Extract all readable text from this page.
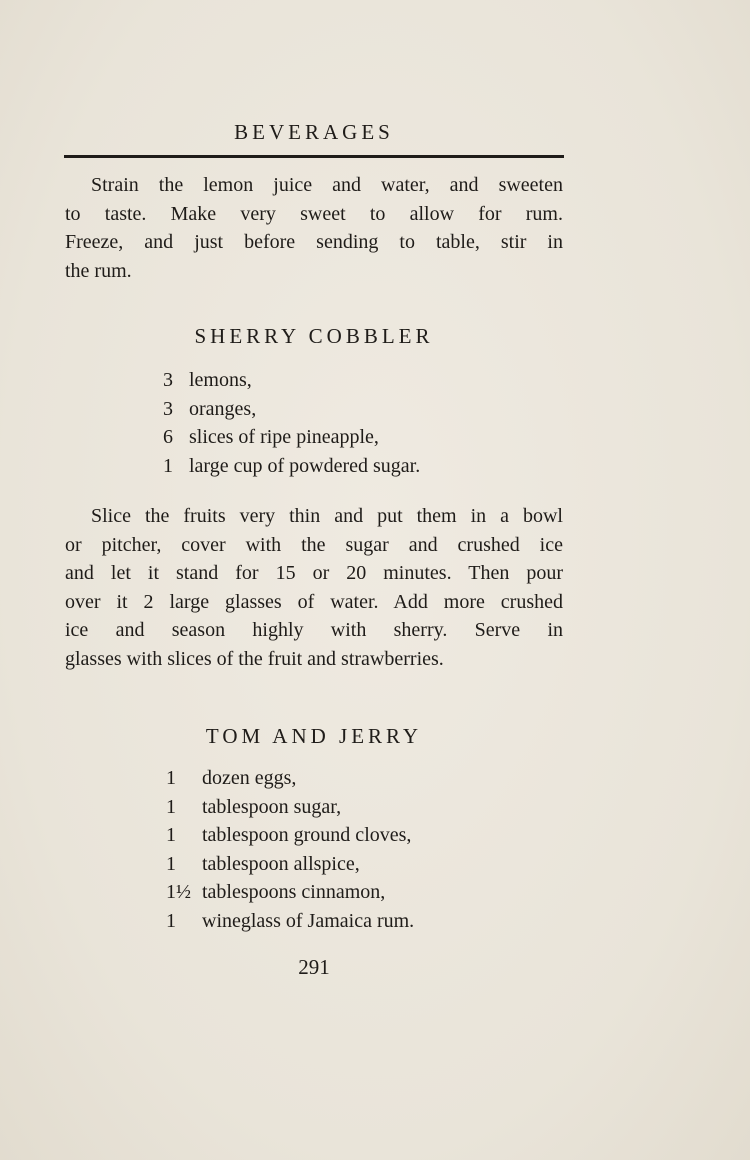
BEVERAGES
Strain the lemon juice and water, and sweeten
to taste. Make very sweet to allow for rum.
Freeze, and just before sending to table, stir in
the rum.
SHERRY COBBLER
3 lemons,
3 oranges,
6 slices of ripe pineapple,
1 large cup of powdered sugar.
Slice the fruits very thin and put them in a bowl
or pitcher, cover with the sugar and crushed ice
and let it stand for 15 or 20 minutes. Then pour
over it 2 large glasses of water. Add more crushed
ice and season highly with sherry. Serve in
glasses with slices of the fruit and strawberries.
TOM AND JERRY
1	dozen eggs,
1	tablespoon sugar,
1	tablespoon ground cloves,
1	tablespoon allspice,
1½ tablespoons cinnamon,
1	wineglass of Jamaica rum.
291
